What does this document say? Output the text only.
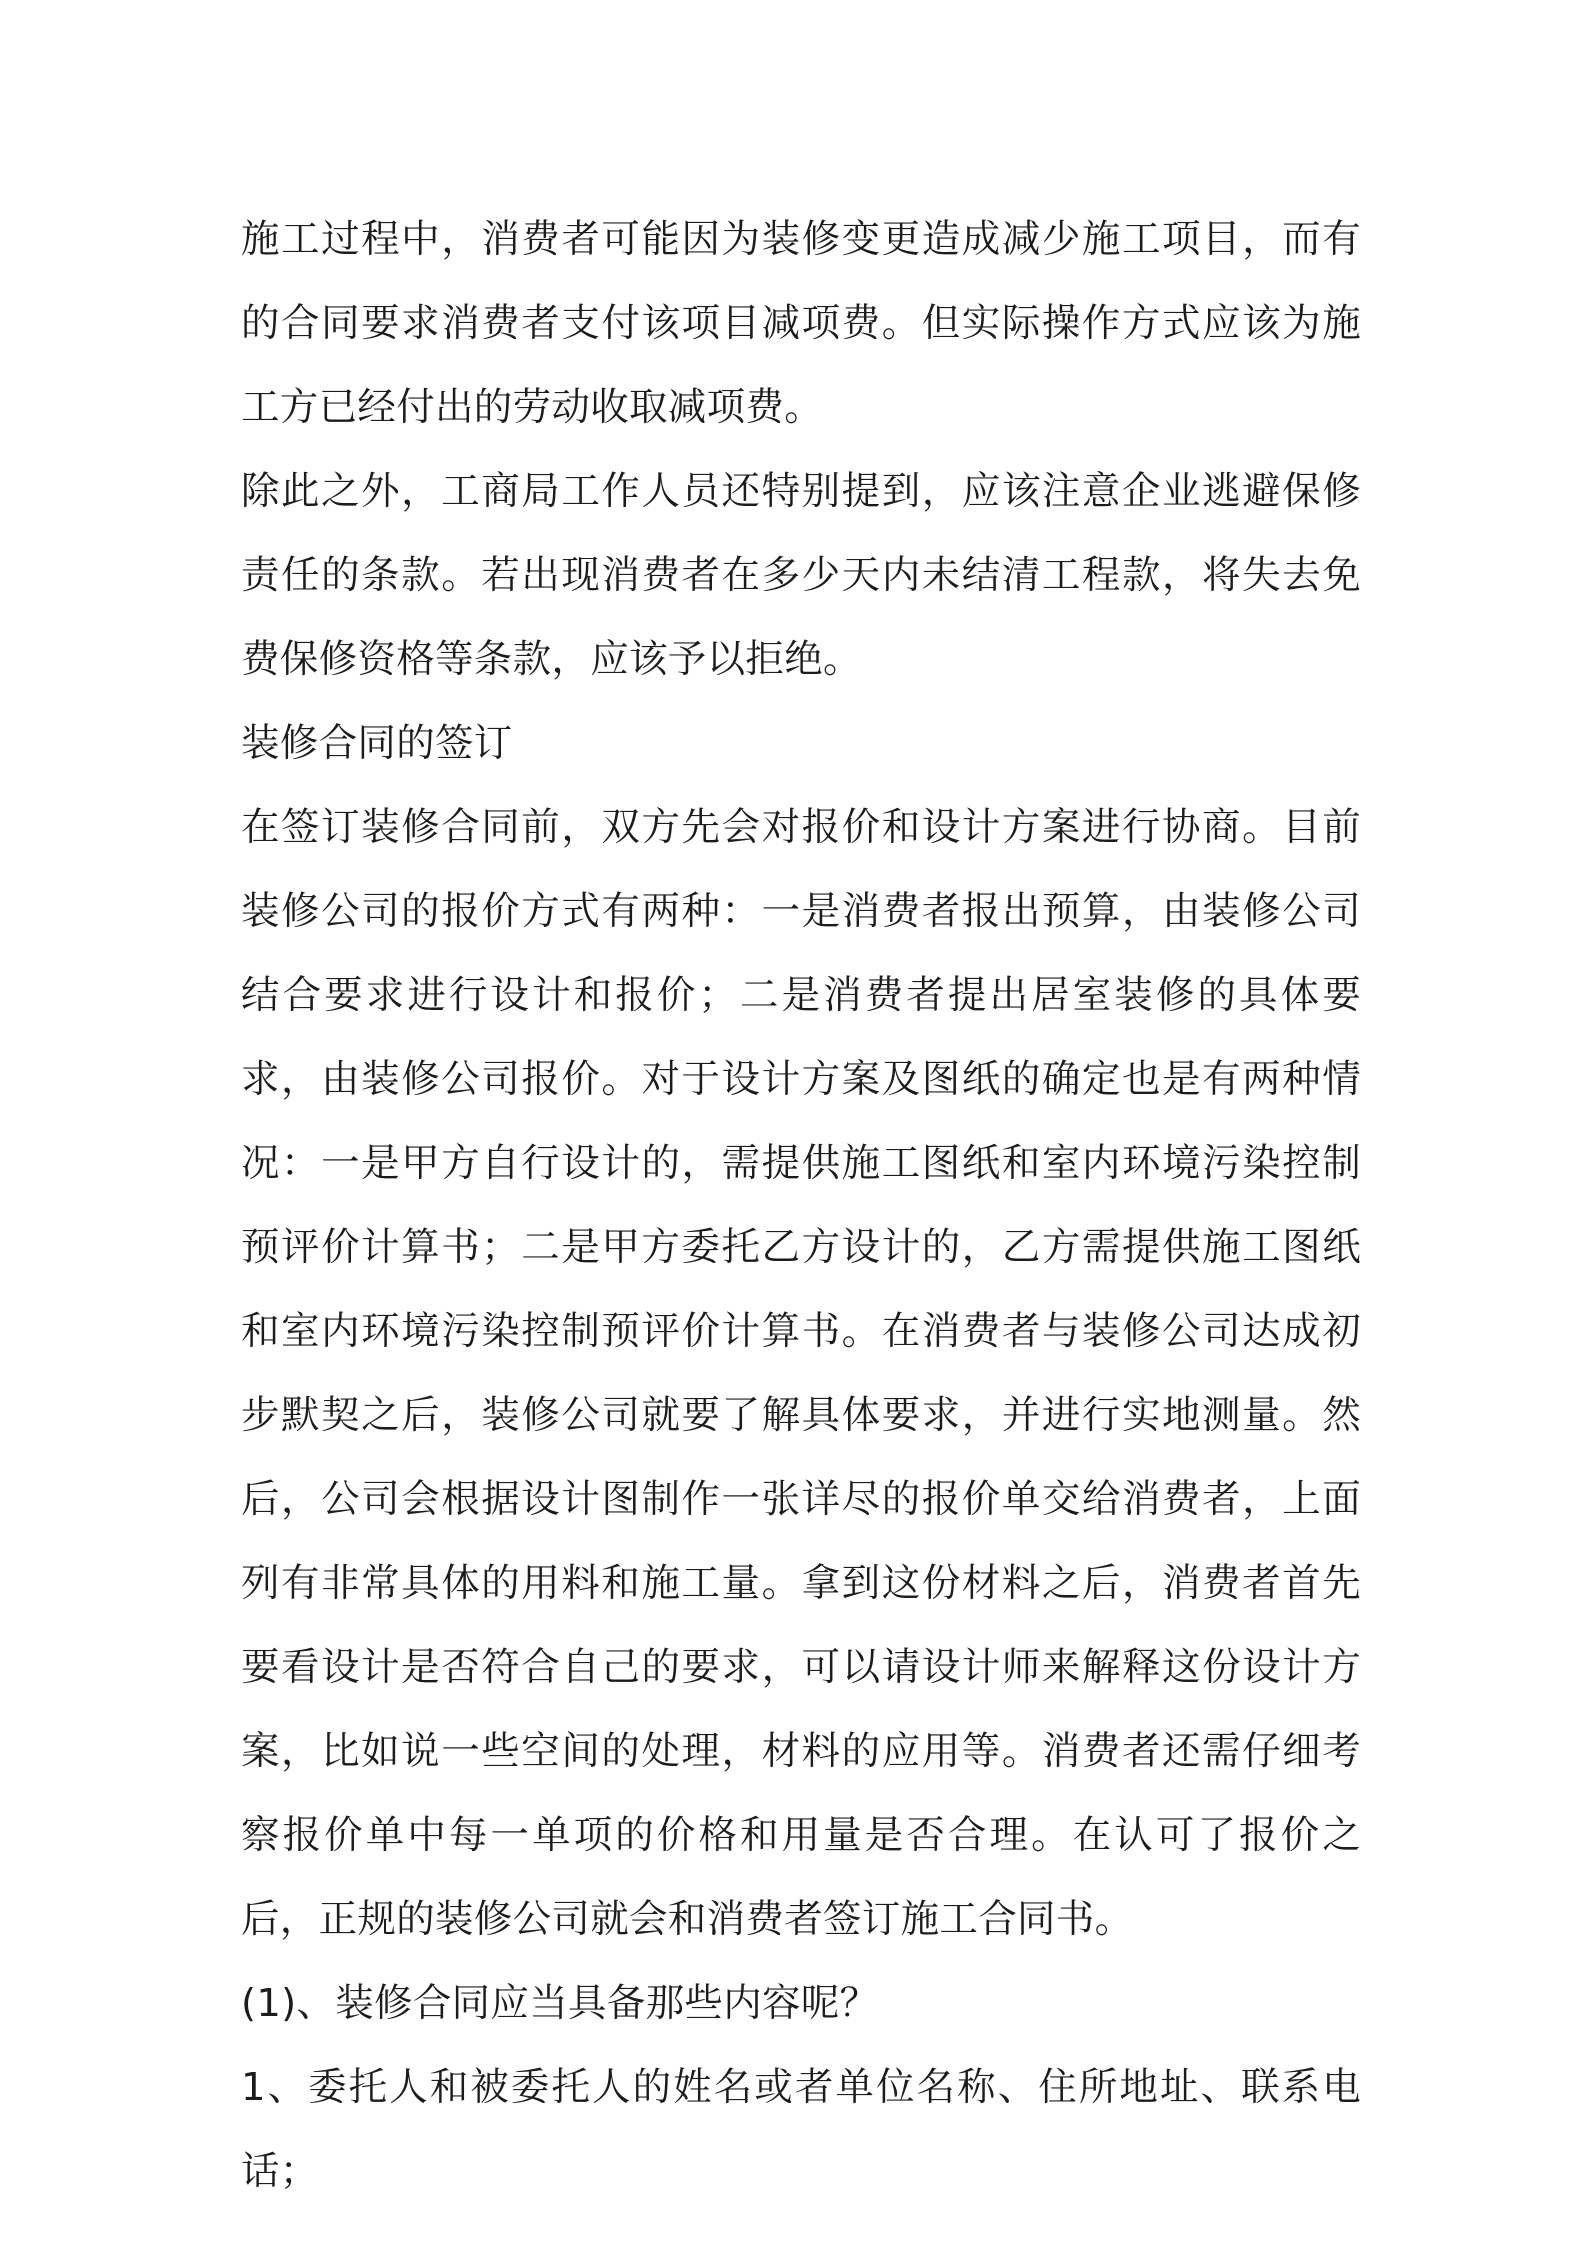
施工过程中，消费者可能因为装修变更造成减少施工项目，而有的合同要求消费者支付该项目减项费。但实际操作方式应该为施工方已经付出的劳动收取减项费。

除此之外，工商局工作人员还特别提到，应该注意企业逃避保修责任的条款。若出现消费者在多少天内未结清工程款，将失去免费保修资格等条款，应该予以拒绝。

装修合同的签订

在签订装修合同前，双方先会对报价和设计方案进行协商。目前装修公司的报价方式有两种：一是消费者报出预算，由装修公司结合要求进行设计和报价；二是消费者提出居室装修的具体要求，由装修公司报价。对于设计方案及图纸的确定也是有两种情况：一是甲方自行设计的，需提供施工图纸和室内环境污染控制预评价计算书；二是甲方委托乙方设计的，乙方需提供施工图纸和室内环境污染控制预评价计算书。在消费者与装修公司达成初步默契之后，装修公司就要了解具体要求，并进行实地测量。然后，公司会根据设计图制作一张详尽的报价单交给消费者，上面列有非常具体的用料和施工量。拿到这份材料之后，消费者首先要看设计是否符合自己的要求，可以请设计师来解释这份设计方案，比如说一些空间的处理，材料的应用等。消费者还需仔细考察报价单中每一单项的价格和用量是否合理。在认可了报价之后，正规的装修公司就会和消费者签订施工合同书。

(1)、装修合同应当具备那些内容呢？

1、委托人和被委托人的姓名或者单位名称、住所地址、联系电话；
